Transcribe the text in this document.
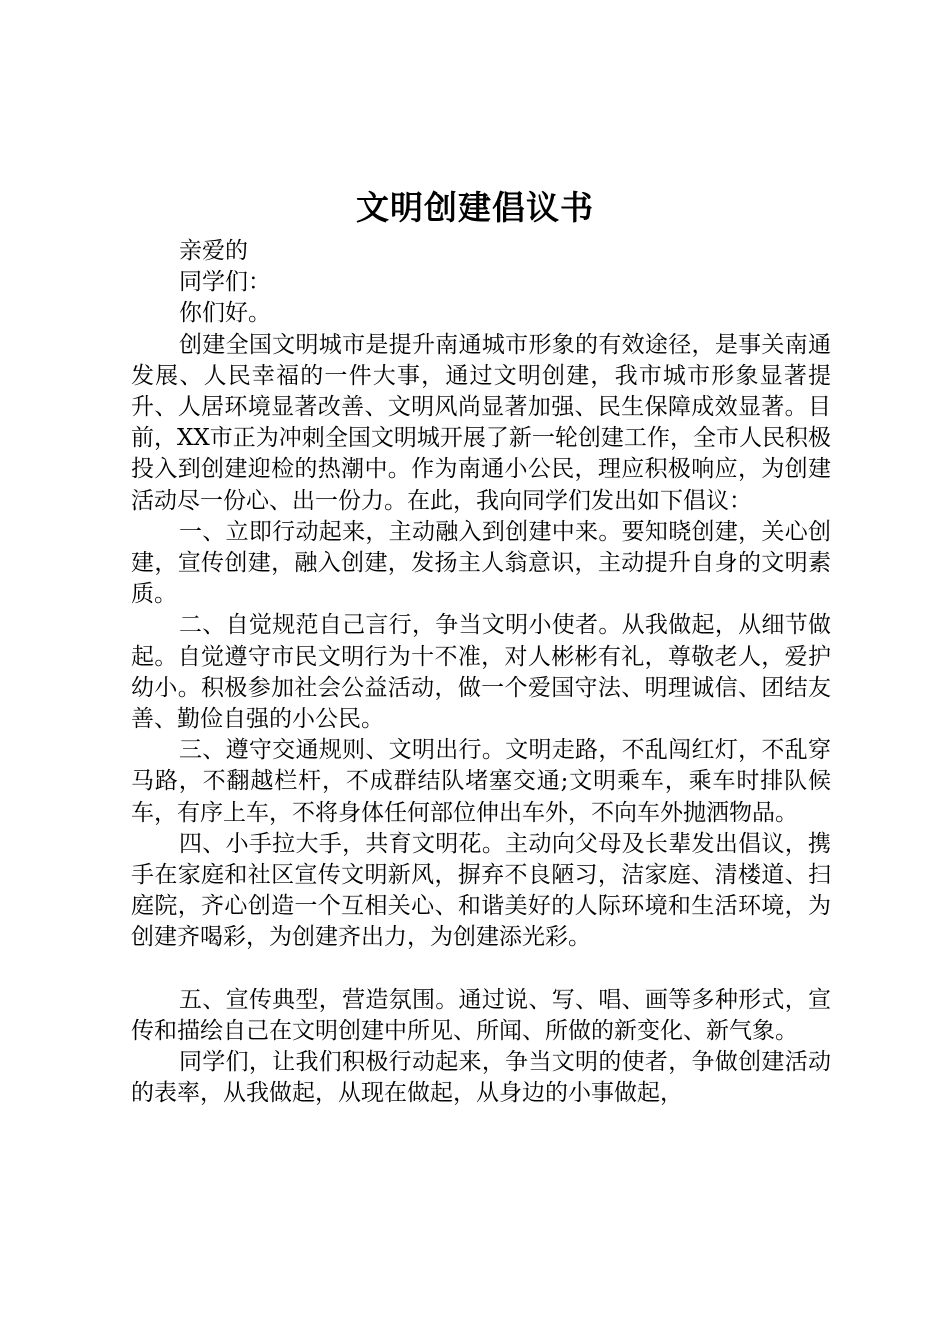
文明创建倡议书

亲爱的

同学们：

你们好。

创建全国文明城市是提升南通城市形象的有效途径，是事关南通发展、人民幸福的一件大事，通过文明创建，我市城市形象显著提升、人居环境显著改善、文明风尚显著加强、民生保障成效显著。目前，XX市正为冲刺全国文明城开展了新一轮创建工作，全市人民积极投入到创建迎检的热潮中。作为南通小公民，理应积极响应，为创建活动尽一份心、出一份力。在此，我向同学们发出如下倡议：

一、立即行动起来，主动融入到创建中来。要知晓创建，关心创建，宣传创建，融入创建，发扬主人翁意识，主动提升自身的文明素质。

二、自觉规范自己言行，争当文明小使者。从我做起，从细节做起。自觉遵守市民文明行为十不准，对人彬彬有礼，尊敬老人，爱护幼小。积极参加社会公益活动，做一个爱国守法、明理诚信、团结友善、勤俭自强的小公民。

三、遵守交通规则、文明出行。文明走路，不乱闯红灯，不乱穿马路，不翻越栏杆，不成群结队堵塞交通;文明乘车，乘车时排队候车，有序上车，不将身体任何部位伸出车外，不向车外抛洒物品。

四、小手拉大手，共育文明花。主动向父母及长辈发出倡议，携手在家庭和社区宣传文明新风，摒弃不良陋习，洁家庭、清楼道、扫庭院，齐心创造一个互相关心、和谐美好的人际环境和生活环境，为创建齐喝彩，为创建齐出力，为创建添光彩。

五、宣传典型，营造氛围。通过说、写、唱、画等多种形式，宣传和描绘自己在文明创建中所见、所闻、所做的新变化、新气象。

同学们，让我们积极行动起来，争当文明的使者，争做创建活动的表率，从我做起，从现在做起，从身边的小事做起，
